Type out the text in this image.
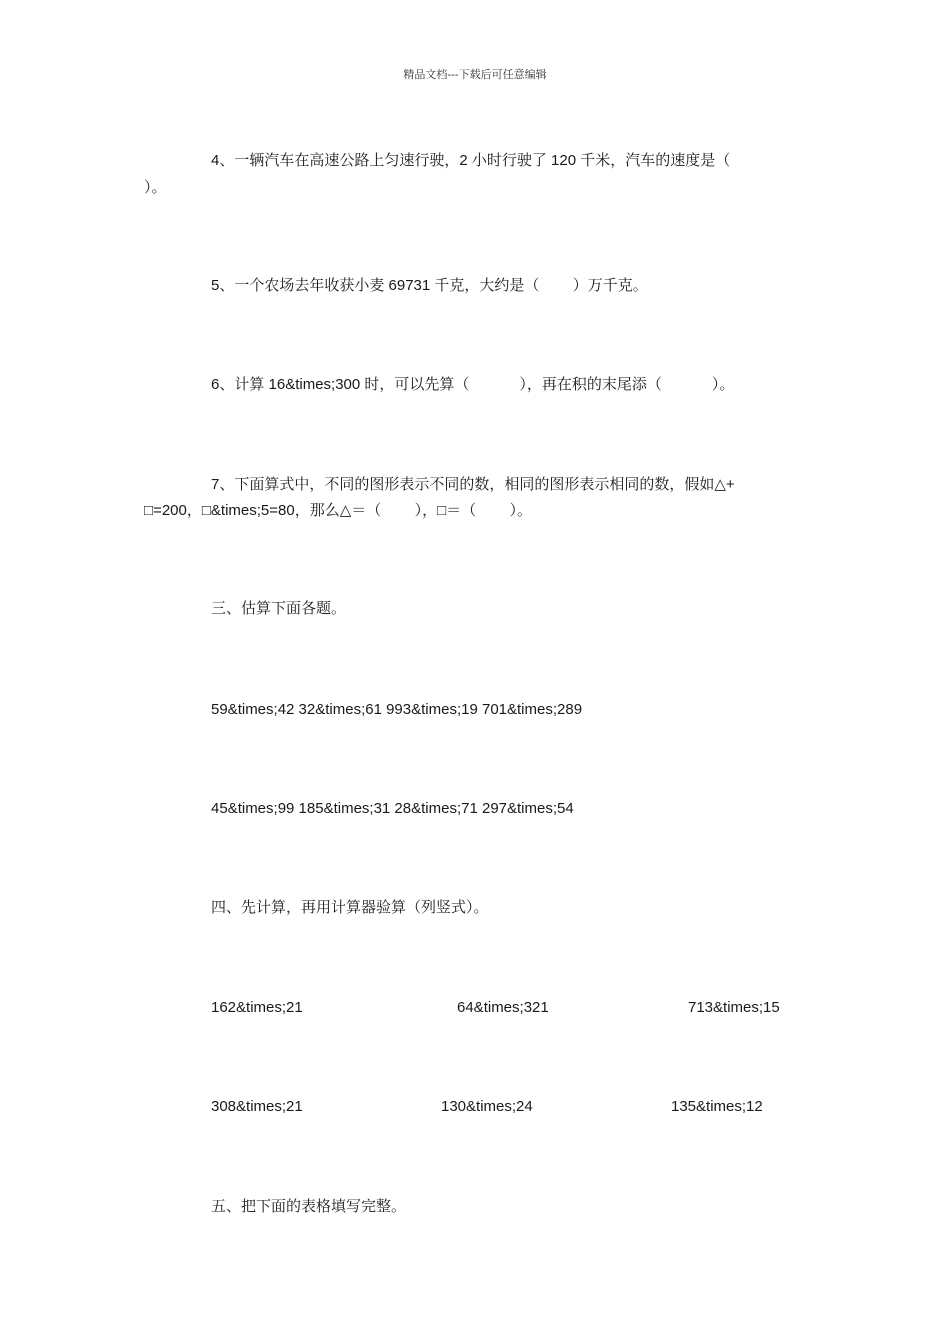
精品文档---下载后可任意编辑
4、一辆汽车在高速公路上匀速行驶，2 小时行驶了 120 千米，汽车的速度是（
）。
5、一个农场去年收获小麦 69731 千克，大约是（        ）万千克。
6、计算 16&times;300 时，可以先算（            ），再在积的末尾添（            ）。
7、下面算式中，不同的图形表示不同的数，相同的图形表示相同的数，假如△+
□=200，□&times;5=80，那么△＝（        ），□＝（        ）。
三、估算下面各题。
59&times;42 32&times;61 993&times;19 701&times;289
45&times;99 185&times;31 28&times;71 297&times;54
四、先计算，再用计算器验算（列竖式）。
162&times;21	64&times;321	713&times;15
308&times;21	130&times;24	135&times;12
五、把下面的表格填写完整。
